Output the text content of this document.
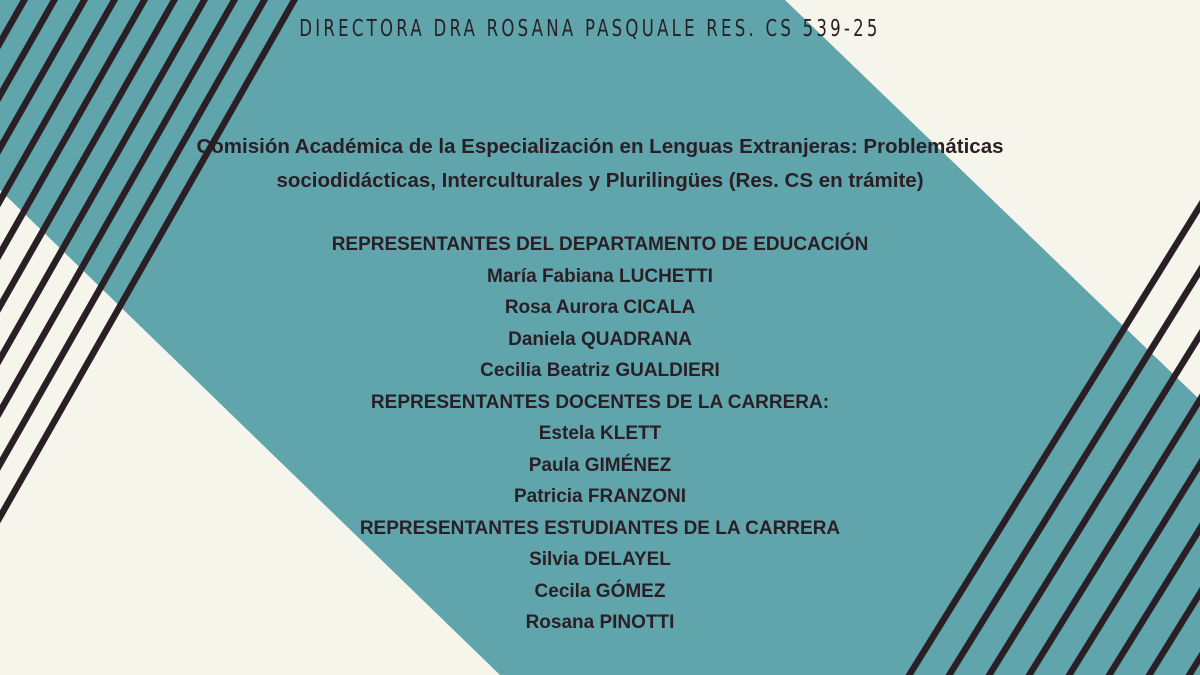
DIRECTORA DRA ROSANA PASQUALE RES. CS 539-25
Comisión Académica de la Especialización en Lenguas Extranjeras: Problemáticas
sociodidácticas, Interculturales y Plurilingües (Res. CS en trámite)
REPRESENTANTES DEL DEPARTAMENTO DE EDUCACIÓN
María Fabiana LUCHETTI
Rosa Aurora CICALA
Daniela QUADRANA
Cecilia Beatriz GUALDIERI
REPRESENTANTES DOCENTES DE LA CARRERA:
Estela KLETT
Paula GIMÉNEZ
Patricia FRANZONI
REPRESENTANTES ESTUDIANTES DE LA CARRERA
Silvia DELAYEL
Cecila GÓMEZ
Rosana PINOTTI
